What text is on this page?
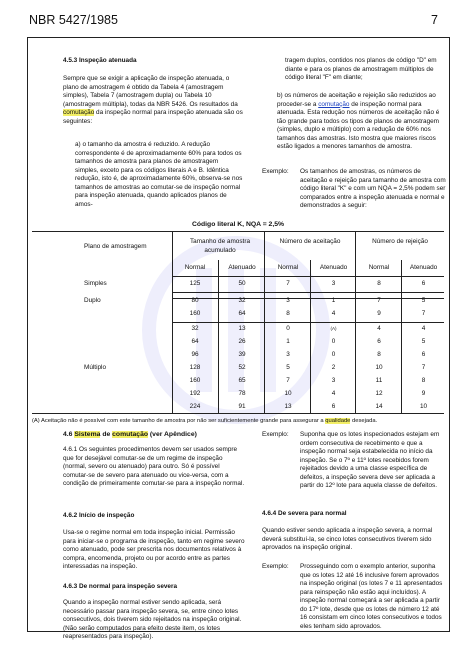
NBR 5427/1985	7
4.5.3 Inspeção atenuada
Sempre que se exigir a aplicação de inspeção atenuada, o plano de amostragem é obtido da Tabela 4 (amostragem simples), Tabela 7 (amostragem dupla) ou Tabela 10 (amostragem múltipla), todas da NBR 5426. Os resultados da comutação da inspeção normal para inspeção atenuada são os seguintes:
a) o tamanho da amostra é reduzido. A redução correspondente é de aproximadamente 60% para todos os tamanhos de amostra para planos de amostragem simples, exceto para os códigos literais A e B. Idêntica redução, isto é, de aproximadamente 60%, observa-se nos tamanhos de amostras ao comutar-se de inspeção normal para inspeção atenuada, quando aplicados planos de amos-
tragem duplos, contidos nos planos de código "D" em diante e para os planos de amostragem múltiplos de código literal "F" em diante;
b) os números de aceitação e rejeição são reduzidos ao proceder-se a comutação de inspeção normal para atenuada. Esta redução nos números de aceitação não é tão grande para todos os tipos de planos de amostragem (simples, duplo e múltiplo) com a redução de 60% nos tamanhos das amostras. Isto mostra que maiores riscos estão ligados a menores tamanhos de amostra.
Exemplo:	Os tamanhos de amostras, os números de aceitação e rejeição para tamanho de amostra com código literal "K" e com um NQA = 2,5% podem ser comparados entre a inspeção atenuada e normal e demonstrados a seguir:
Código literal K, NQA = 2,5%
Plano de amostragem
Tamanho de amostra acumulado
Número de aceitação	Número de rejeição
Normal	Atenuado	Normal	Atenuado	Normal	Atenuado
Simples	125	50	7	3	8	6
Duplo	80	32	3	1	7	5
160	64	8	4	9	7
32	13	0	(A)	4	4
64	26	1	0	6	5
96	39	3	0	8	6
Múltiplo	128	52	5	2	10	7
160	65	7	3	11	8
192	78	10	4	12	9
224	91	13	6	14	10
(A) Aceitação não é possível com este tamanho de amostra por não ser suficientemente grande para assegurar a qualidade desejada.
4.6 Sistema de comutação (ver Apêndice)
4.6.1 Os seguintes procedimentos devem ser usados sempre que for desejável comutar-se de um regime de inspeção (normal, severo ou atenuado) para outro. Só é possível comutar-se de severo para atenuado ou vice-versa, com a condição de primeiramente comutar-se para a inspeção normal.
4.6.2 Início de inspeção
Usa-se o regime normal em toda inspeção inicial. Permissão para iniciar-se o programa de inspeção, tanto em regime severo como atenuado, pode ser prescrita nos documentos relativos à compra, encomenda, projeto ou por acordo entre as partes interessadas na inspeção.
4.6.3 De normal para inspeção severa
Quando a inspeção normal estiver sendo aplicada, será necessário passar para inspeção severa, se, entre cinco lotes consecutivos, dois tiverem sido rejeitados na inspeção original. (Não serão computados para efeito deste item, os lotes reapresentados para inspeção).
Exemplo:	Suponha que os lotes inspecionados estejam em ordem consecutiva de recebimento e que a inspeção normal seja estabelecida no início da inspeção. Se o 7º e 11º lotes recebidos forem rejeitados devido a uma classe específica de defeitos, a inspeção severa deve ser aplicada a partir do 12º lote para aquela classe de defeitos.
4.6.4 De severa para normal
Quando estiver sendo aplicada a inspeção severa, a normal deverá substituí-la, se cinco lotes consecutivos tiverem sido aprovados na inspeção original.
Exemplo:	Prosseguindo com o exemplo anterior, suponha que os lotes 12 até 16 inclusive forem aprovados na inspeção original (os lotes 7 e 11 apresentados para reinspeção não estão aqui incluídos). A inspeção normal começará a ser aplicada a partir do 17º lote, desde que os lotes de número 12 até 16 consistam em cinco lotes consecutivos e todos eles tenham sido aprovados.
